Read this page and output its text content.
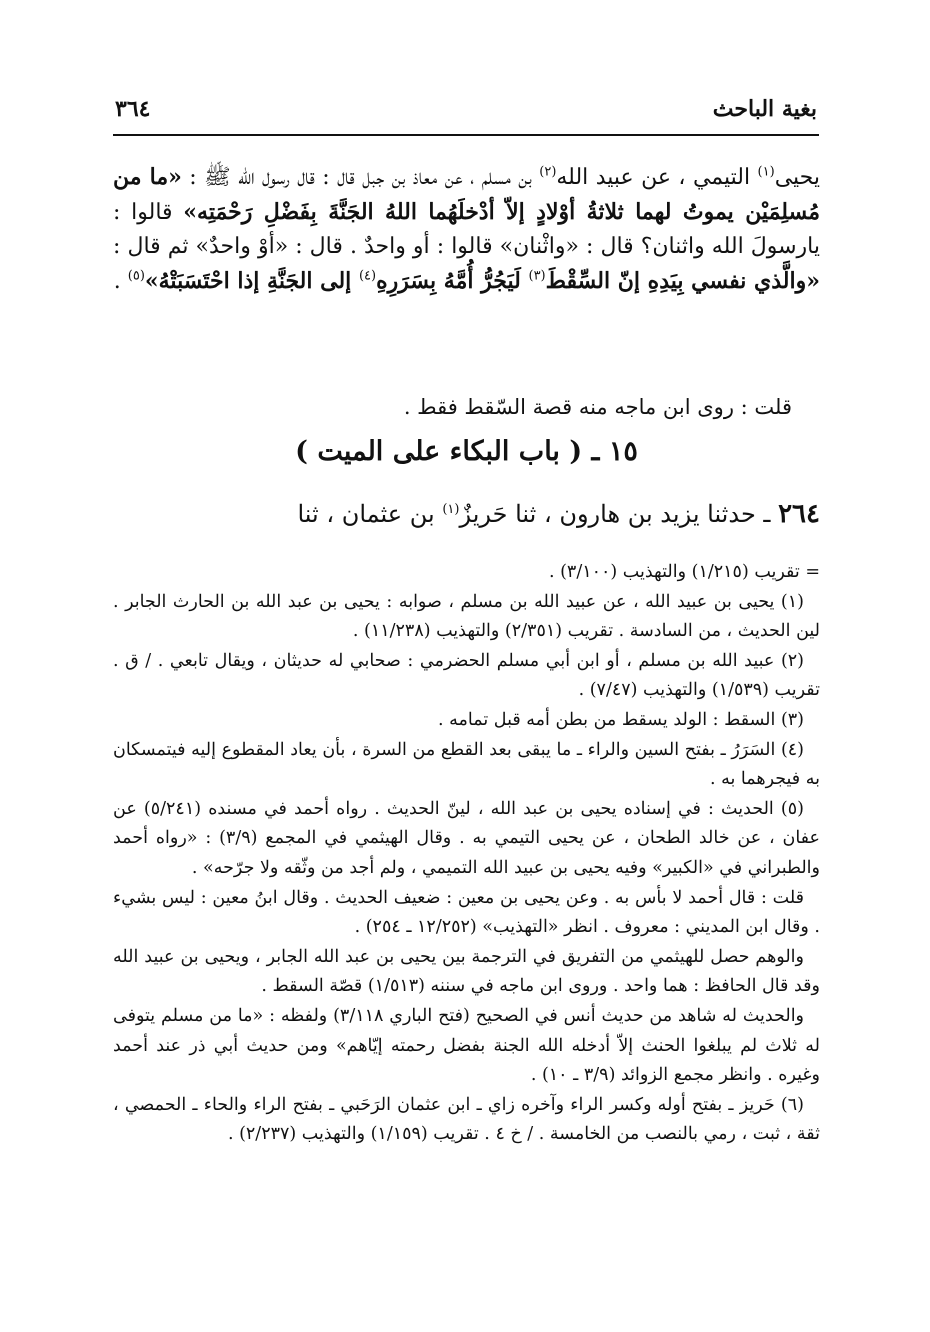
بغية الباحث
٣٦٤

يحيى$^{(١)}$ التيمي ، عن عبيد الله$^{(٢)}$ بن مسلم ، عن معاذ بن جبل قال : قال رسول الله ﷺ : «ما من مُسلِمَيْن يموتُ لهما ثلاثةُ أوْلادٍ إلاّ أدْخلَهُما اللهُ الجَنَّةَ بِفَضْلِ رَحْمَتِه» قالوا : يارسولَ الله واثنان؟ قال : «واثْنان» قالوا : أو واحدٌ . قال : «أوْ واحدٌ» ثم قال : «والَّذي نفسي بِيَدِهِ إنّ السِّقْطَ$^{(٣)}$ لَيَجُرُّ أُمَّهُ بِسَرَرِهِ$^{(٤)}$ إلى الجَنَّةِ إذا احْتَسَبَتْهُ»$^{(٥)}$ .

قلت : روى ابن ماجه منه قصة السّقط فقط .
١٥ ـ ( باب البكاء على الميت )
٢٦٤ ـ حدثنا يزيد بن هارون ، ثنا حَريزٌ$^{(١)}$ بن عثمان ، ثنا

= تقريب (١/٢١٥) والتهذيب (٣/١٠٠) .

(١) يحيى بن عبيد الله ، عن عبيد الله بن مسلم ، صوابه : يحيى بن عبد الله بن الحارث الجابر . لين الحديث ، من السادسة . تقريب (٢/٣٥١) والتهذيب (١١/٢٣٨) .

(٢) عبيد الله بن مسلم ، أو ابن أبي مسلم الحضرمي : صحابي له حديثان ، ويقال تابعي . / ق . تقريب (١/٥٣٩) والتهذيب (٧/٤٧) .

(٣) السقط : الولد يسقط من بطن أمه قبل تمامه .

(٤) السَرَرُ ـ بفتح السين والراء ـ ما يبقى بعد القطع من السرة ، بأن يعاد المقطوع إليه فيتمسكان به فيجرهما به .

(٥) الحديث : في إسناده يحيى بن عبد الله ، لينّ الحديث . رواه أحمد في مسنده (٥/٢٤١) عن عفان ، عن خالد الطحان ، عن يحيى التيمي به . وقال الهيثمي في المجمع (٣/٩) : «رواه أحمد والطبراني في «الكبير» وفيه يحيى بن عبيد الله التميمي ، ولم أجد من وثّقه ولا جرّحه» .

قلت : قال أحمد لا بأس به . وعن يحيى بن معين : ضعيف الحديث . وقال ابنُ معين : ليس بشيء . وقال ابن المديني : معروف . انظر «التهذيب» (١٢/٢٥٢ ـ ٢٥٤) .

والوهم حصل للهيثمي من التفريق في الترجمة بين يحيى بن عبد الله الجابر ، ويحيى بن عبيد الله وقد قال الحافظ : هما واحد . وروى ابن ماجه في سننه (١/٥١٣) قصّة السقط .

والحديث له شاهد من حديث أنس في الصحيح (فتح الباري ٣/١١٨) ولفظه : «ما من مسلم يتوفى له ثلاث لم يبلغوا الحنث إلاّ أدخله الله الجنة بفضل رحمته إيّاهم» ومن حديث أبي ذر عند أحمد وغيره . وانظر مجمع الزوائد (٣/٩ ـ ١٠) .

(٦) حَريز ـ بفتح أوله وكسر الراء وآخره زاي ـ ابن عثمان الرَحَبي ـ بفتح الراء والحاء ـ الحمصي ، ثقة ، ثبت ، رمي بالنصب من الخامسة . / خ ٤ . تقريب (١/١٥٩) والتهذيب (٢/٢٣٧) .
